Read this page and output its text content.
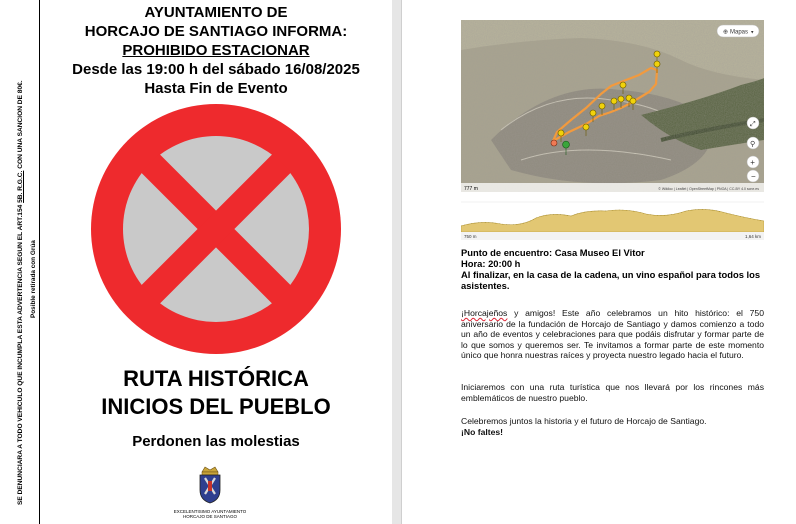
SE DENUNCIARA A TODO VEHICULO QUE INCUMPLA ESTA ADVERTENCIA SEGUN EL ART.154 5B. R.G.C. CON UNA SANCION DE 80€.
Posible retirada con Grúa
AYUNTAMIENTO DE
HORCAJO DE SANTIAGO INFORMA:
PROHIBIDO ESTACIONAR
Desde las 19:00 h del sábado 16/08/2025
Hasta Fin de Evento
RUTA HISTÓRICA
INICIOS DEL PUEBLO
Perdonen las molestias
EXCELENTISIMO AYUNTAMIENTO
HORCAJO DE SANTIAGO
⊕ Mapas ▾
⤢
⚲
+
−
777 m	© Wikiloc | Leaflet | OpenStreetMap | PNOA | CC-BY 4.0 scne.es
750 m	1,64 km
Punto de encuentro: Casa Museo El Vitor
Hora: 20:00 h
Al finalizar, en la casa de la cadena, un vino español para todos los asistentes.
¡Horcajeños y amigos! Este año celebramos un hito histórico: el 750 aniversario de la fundación de Horcajo de Santiago y damos comienzo a todo un año de eventos y celebraciones para que podáis disfrutar y formar parte de lo que somos y queremos ser. Te invitamos a formar parte de este momento único que honra nuestras raíces y proyecta nuestro legado hacia el futuro.
Iniciaremos con una ruta turística que nos llevará por los rincones más emblemáticos de nuestro pueblo.
Celebremos juntos la historia y el futuro de Horcajo de Santiago.
¡No faltes!
